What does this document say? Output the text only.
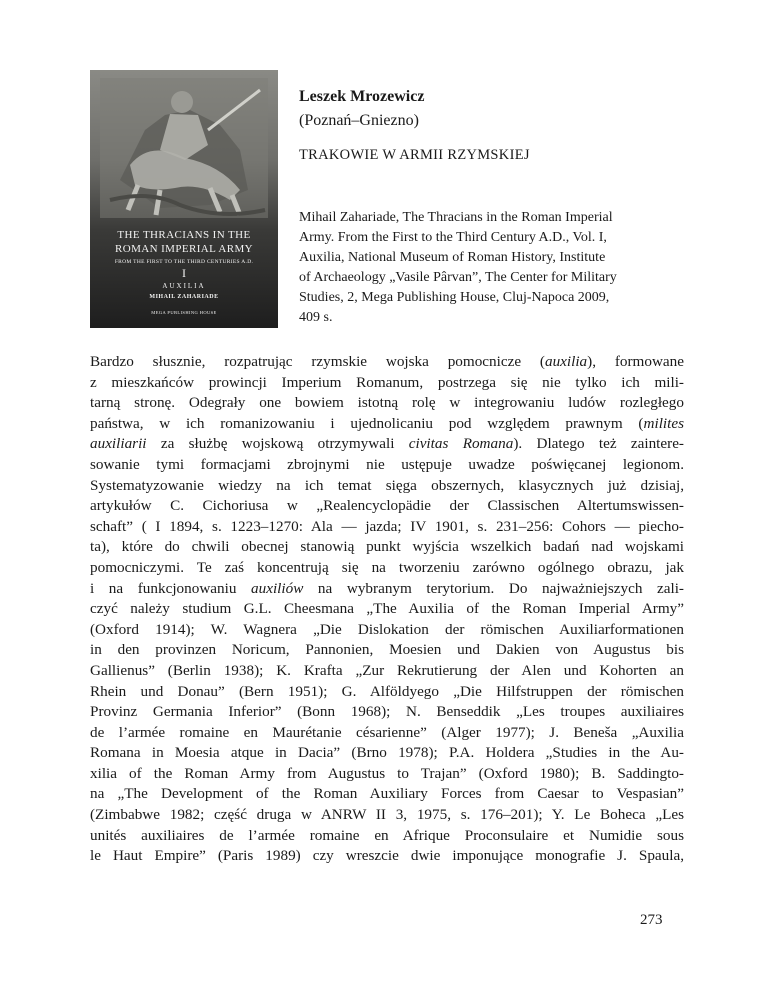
THE THRACIANS IN THE
ROMAN IMPERIAL ARMY
FROM THE FIRST TO THE THIRD CENTURIES A.D.
I
AUXILIA
MIHAIL ZAHARIADE
MEGA PUBLISHING HOUSE
Leszek Mrozewicz
(Poznań–Gniezno)
TRAKOWIE W ARMII RZYMSKIEJ
Mihail Zahariade, The Thracians in the Roman Imperial
Army. From the First to the Third Century A.D., Vol. I,
Auxilia, National Museum of Roman History, Institute
of Archaeology „Vasile Pârvan”, The Center for Military
Studies, 2, Mega Publishing House, Cluj-Napoca 2009,
409 s.
Bardzo słusznie, rozpatrując rzymskie wojska pomocnicze (auxilia), formowane
z mieszkańców prowincji Imperium Romanum, postrzega się nie tylko ich mili-
tarną stronę. Odegrały one bowiem istotną rolę w integrowaniu ludów rozległego
państwa, w ich romanizowaniu i ujednolicaniu pod względem prawnym (milites
auxiliarii za służbę wojskową otrzymywali civitas Romana). Dlatego też zaintere-
sowanie tymi formacjami zbrojnymi nie ustępuje uwadze poświęcanej legionom.
Systematyzowanie wiedzy na ich temat sięga obszernych, klasycznych już dzisiaj,
artykułów C. Cichoriusa w „Realencyclopädie der Classischen Altertumswissen-
schaft” ( I 1894, s. 1223–1270: Ala — jazda; IV 1901, s. 231–256: Cohors — piecho-
ta), które do chwili obecnej stanowią punkt wyjścia wszelkich badań nad wojskami
pomocniczymi. Te zaś koncentrują się na tworzeniu zarówno ogólnego obrazu, jak
i na funkcjonowaniu auxiliów na wybranym terytorium. Do najważniejszych zali-
czyć należy studium G.L. Cheesmana „The Auxilia of the Roman Imperial Army”
(Oxford 1914); W. Wagnera „Die Dislokation der römischen Auxiliarformationen
in den provinzen Noricum, Pannonien, Moesien und Dakien von Augustus bis
Gallienus” (Berlin 1938); K. Krafta „Zur Rekrutierung der Alen und Kohorten an
Rhein und Donau” (Bern 1951); G. Alföldyego „Die Hilfstruppen der römischen
Provinz Germania Inferior” (Bonn 1968); N. Benseddik „Les troupes auxiliaires
de l’armée romaine en Maurétanie césarienne” (Alger 1977); J. Beneša „Auxilia
Romana in Moesia atque in Dacia” (Brno 1978); P.A. Holdera „Studies in the Au-
xilia of the Roman Army from Augustus to Trajan” (Oxford 1980); B. Saddingto-
na „The Development of the Roman Auxiliary Forces from Caesar to Vespasian”
(Zimbabwe 1982; część druga w ANRW II 3, 1975, s. 176–201); Y. Le Boheca „Les
unités auxiliaires de l’armée romaine en Afrique Proconsulaire et Numidie sous
le Haut Empire” (Paris 1989) czy wreszcie dwie imponujące monografie J. Spaula,
273
